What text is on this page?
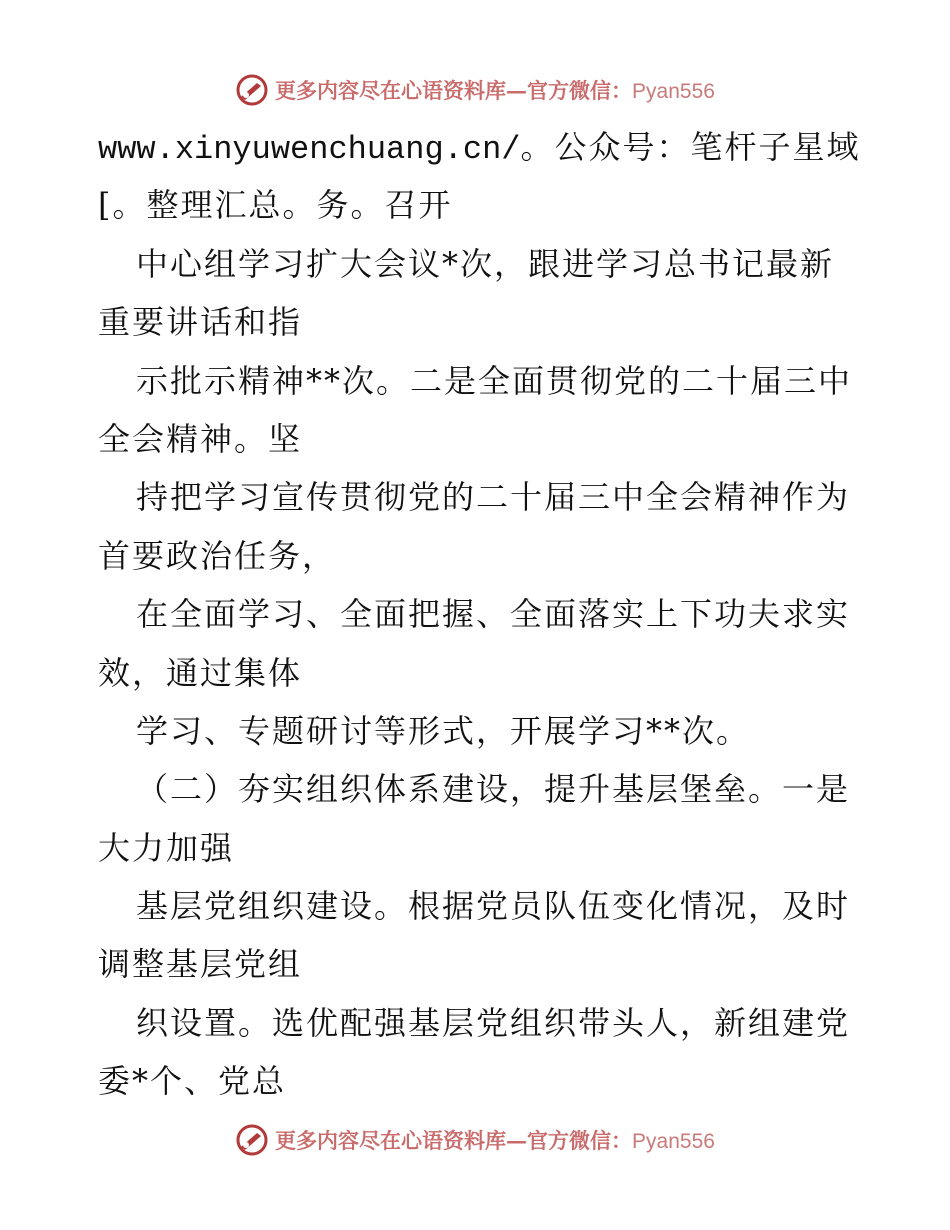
更多内容尽在心语资料库—官方微信：Pyan556
www.xinyuwenchuang.cn/。公众号：笔杆子星域
[。整理汇总。务。召开
中心组学习扩大会议*次，跟进学习总书记最新
重要讲话和指
示批示精神**次。二是全面贯彻党的二十届三中
全会精神。坚
持把学习宣传贯彻党的二十届三中全会精神作为
首要政治任务，
在全面学习、全面把握、全面落实上下功夫求实
效，通过集体
学习、专题研讨等形式，开展学习**次。
（二）夯实组织体系建设，提升基层堡垒。一是
大力加强
基层党组织建设。根据党员队伍变化情况，及时
调整基层党组
织设置。选优配强基层党组织带头人，新组建党
委*个、党总
更多内容尽在心语资料库—官方微信：Pyan556
